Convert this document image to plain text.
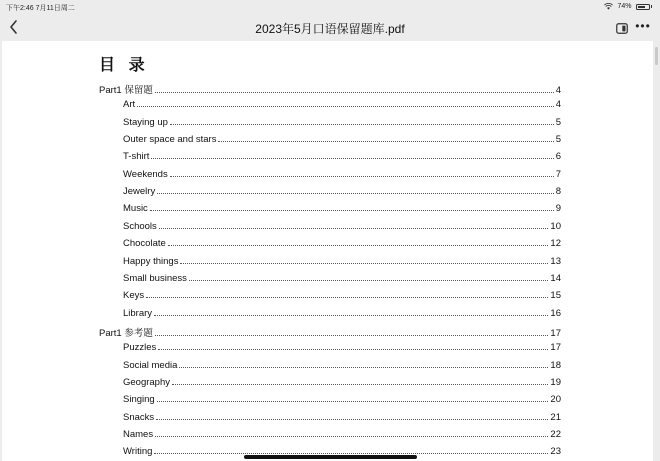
下午2:46 7月11日周二	74%
2023年5月口语保留题库.pdf	•••
目 录
Part1 保留题	4
Art	4
Staying up	5
Outer space and stars	5
T-shirt	6
Weekends	7
Jewelry	8
Music	9
Schools	10
Chocolate	12
Happy things	13
Small business	14
Keys	15
Library	16
Part1 参考题	17
Puzzles	17
Social media	18
Geography	19
Singing	20
Snacks	21
Names	22
Writing	23
